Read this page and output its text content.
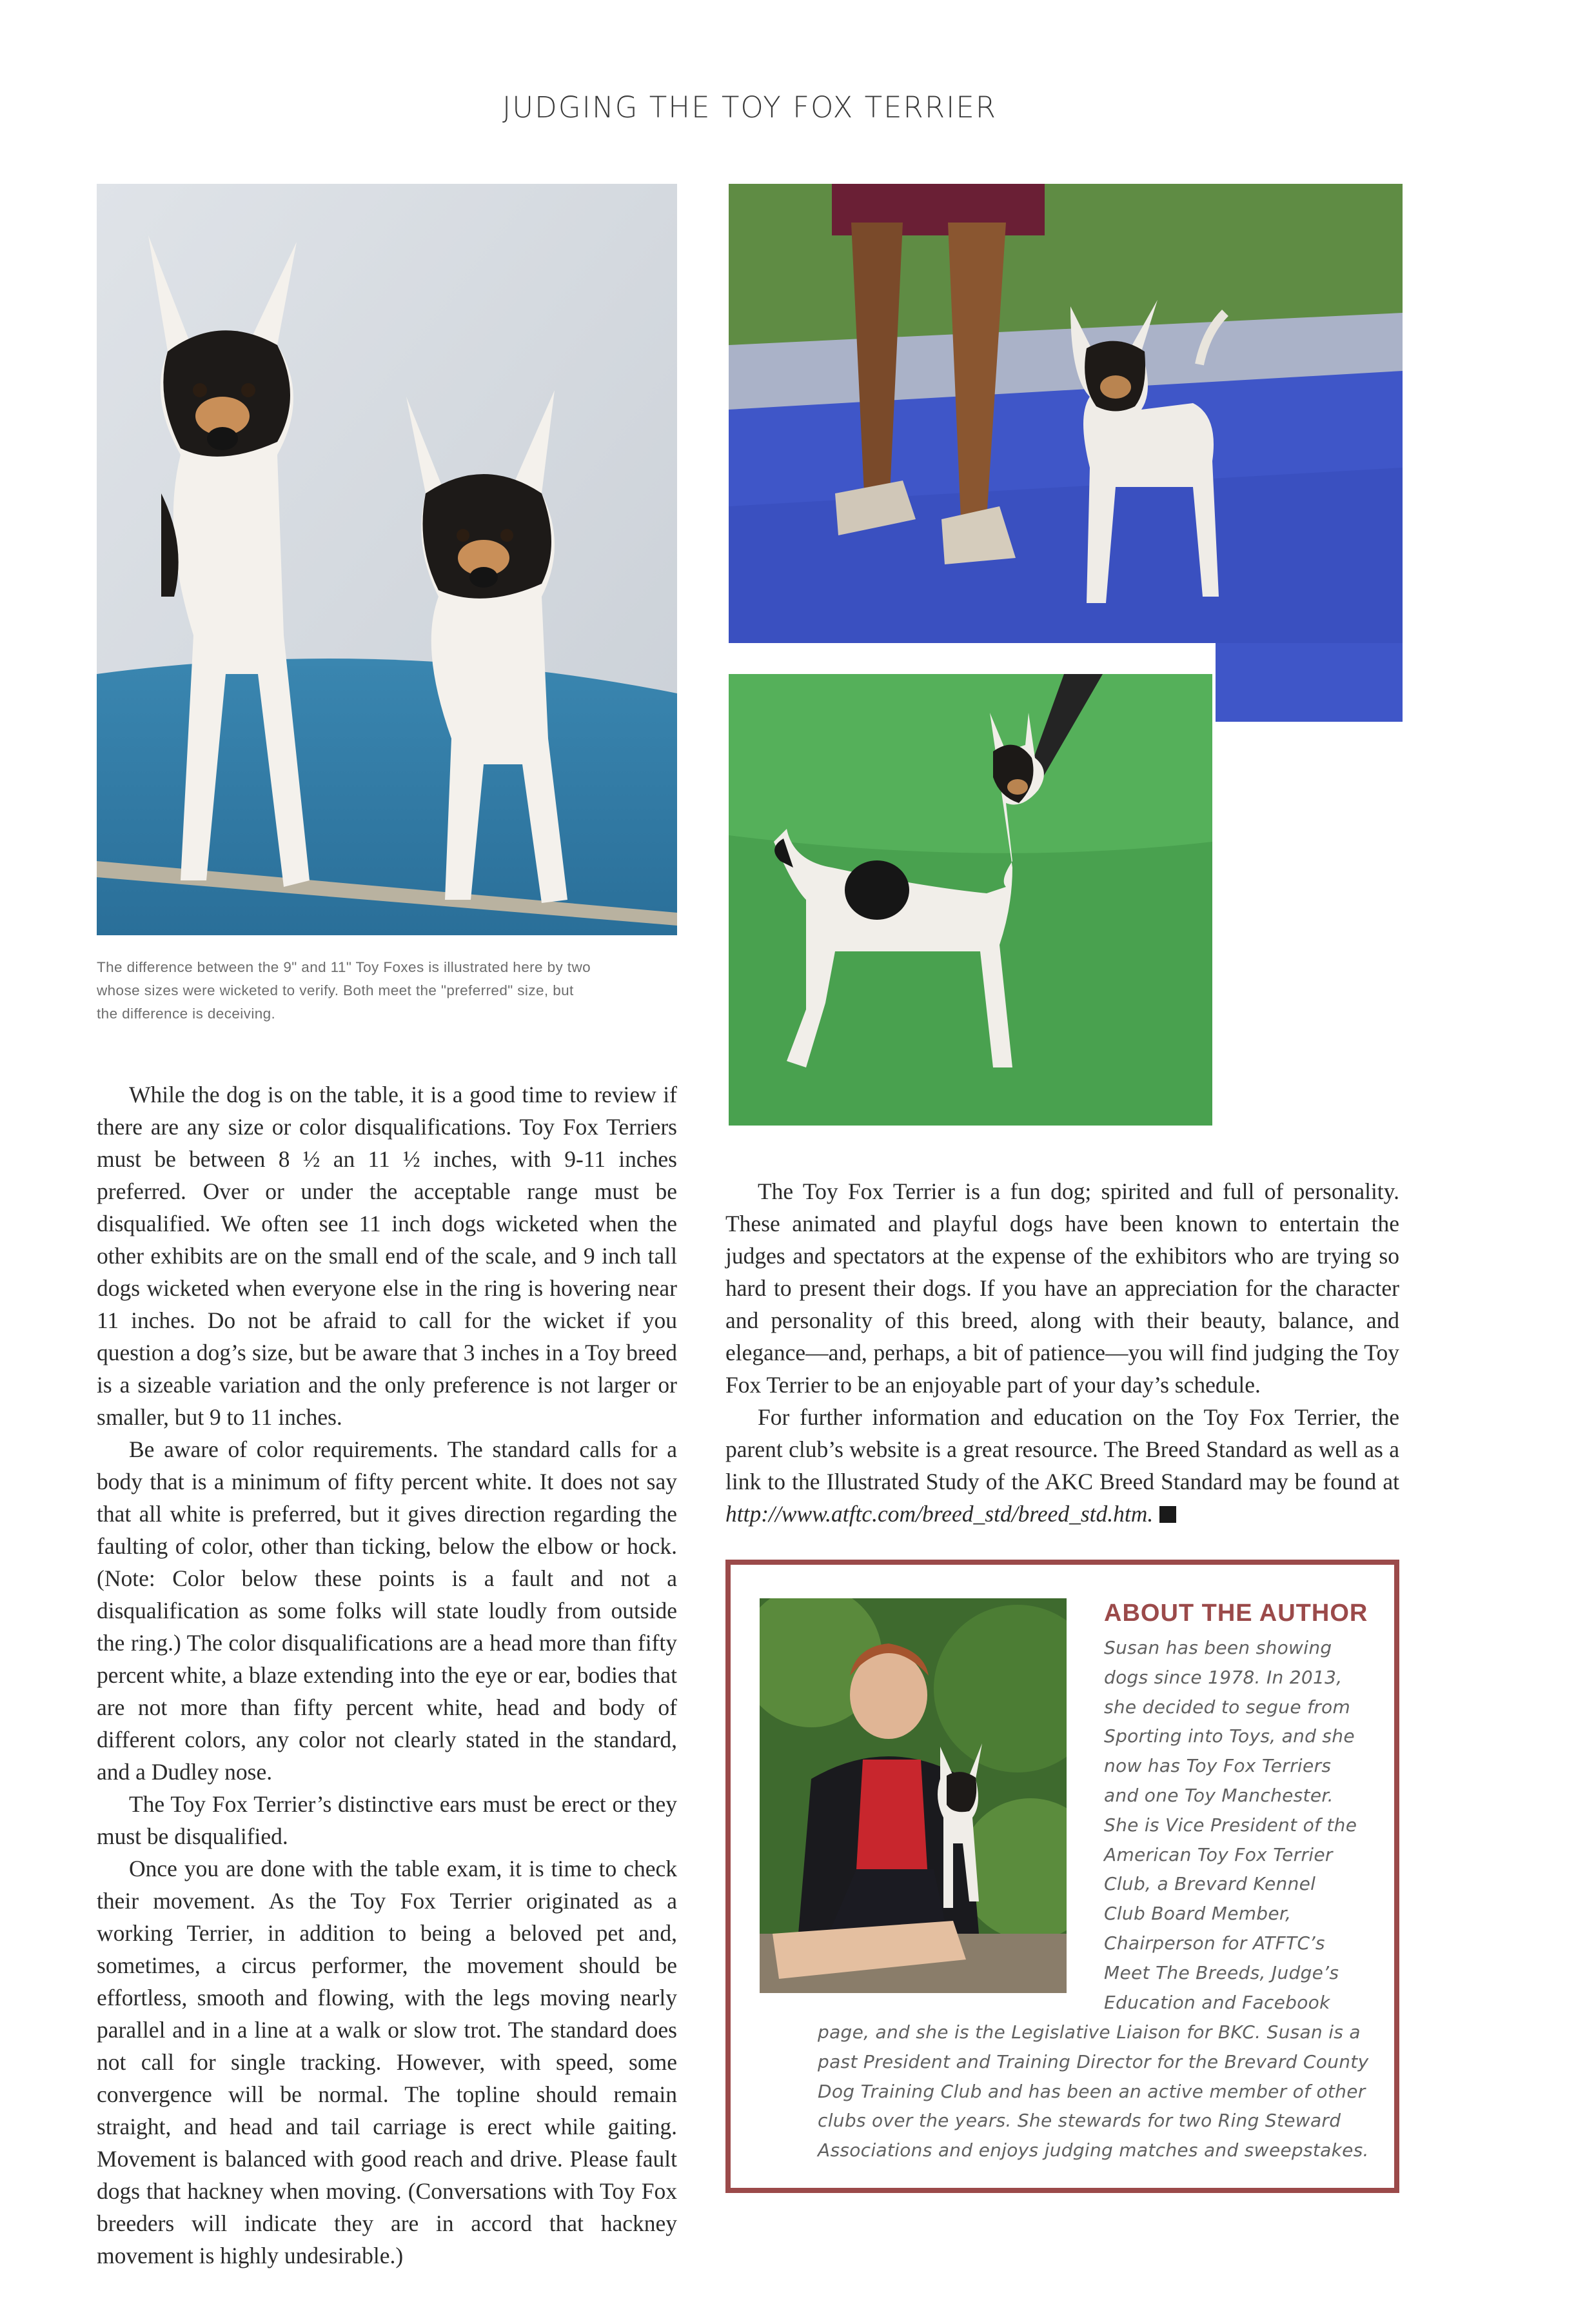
JUDGING THE TOY FOX TERRIER
The difference between the 9" and 11" Toy Foxes is illustrated here by two
whose sizes were wicketed to verify. Both meet the "preferred" size, but
the difference is deceiving.

While the dog is on the table, it is a good time to review if there are any size or color disqualifications. Toy Fox Terriers must be between 8 ½ an 11 ½ inches, with 9-11 inches preferred. Over or under the acceptable range must be disqualified. We often see 11 inch dogs wicketed when the other exhibits are on the small end of the scale, and 9 inch tall dogs wicketed when everyone else in the ring is hovering near 11 inches. Do not be afraid to call for the wicket if you question a dog’s size, but be aware that 3 inches in a Toy breed is a sizeable variation and the only preference is not larger or smaller, but 9 to 11 inches.

Be aware of color requirements. The standard calls for a body that is a minimum of fifty percent white. It does not say that all white is preferred, but it gives direction regarding the faulting of color, other than ticking, below the elbow or hock. (Note: Color below these points is a fault and not a disqualification as some folks will state loudly from outside the ring.) The color disqualifications are a head more than fifty percent white, a blaze extending into the eye or ear, bodies that are not more than fifty percent white, head and body of different colors, any color not clearly stated in the standard, and a Dudley nose.

The Toy Fox Terrier’s distinctive ears must be erect or they must be disqualified.

Once you are done with the table exam, it is time to check their movement. As the Toy Fox Terrier originated as a working Terrier, in addition to being a beloved pet and, sometimes, a circus performer, the movement should be effortless, smooth and flowing, with the legs moving nearly parallel and in a line at a walk or slow trot. The standard does not call for single tracking. However, with speed, some convergence will be normal. The topline should remain straight, and head and tail carriage is erect while gaiting. Movement is balanced with good reach and drive. Please fault dogs that hackney when moving. (Conversations with Toy Fox breeders will indicate they are in accord that hackney movement is highly undesirable.)

The Toy Fox Terrier is a fun dog; spirited and full of personality. These animated and playful dogs have been known to entertain the judges and spectators at the expense of the exhibitors who are trying so hard to present their dogs. If you have an appreciation for the character and personality of this breed, along with their beauty, balance, and elegance—and, perhaps, a bit of patience—you will find judging the Toy Fox Terrier to be an enjoyable part of your day’s schedule.

For further information and education on the Toy Fox Terrier, the parent club’s website is a great resource. The Breed Standard as well as a link to the Illustrated Study of the AKC Breed Standard may be found at http://www.atftc.com/breed_std/breed_std.htm.

ABOUT THE AUTHOR
Susan has been showing
dogs since 1978. In 2013,
she decided to segue from
Sporting into Toys, and she
now has Toy Fox Terriers
and one Toy Manchester.
She is Vice President of the
American Toy Fox Terrier
Club, a Brevard Kennel
Club Board Member,
Chairperson for ATFTC’s
Meet The Breeds, Judge’s
Education and Facebook
page, and she is the Legislative Liaison for BKC. Susan is a
past President and Training Director for the Brevard County
Dog Training Club and has been an active member of other
clubs over the years. She stewards for two Ring Steward
Associations and enjoys judging matches and sweepstakes.
